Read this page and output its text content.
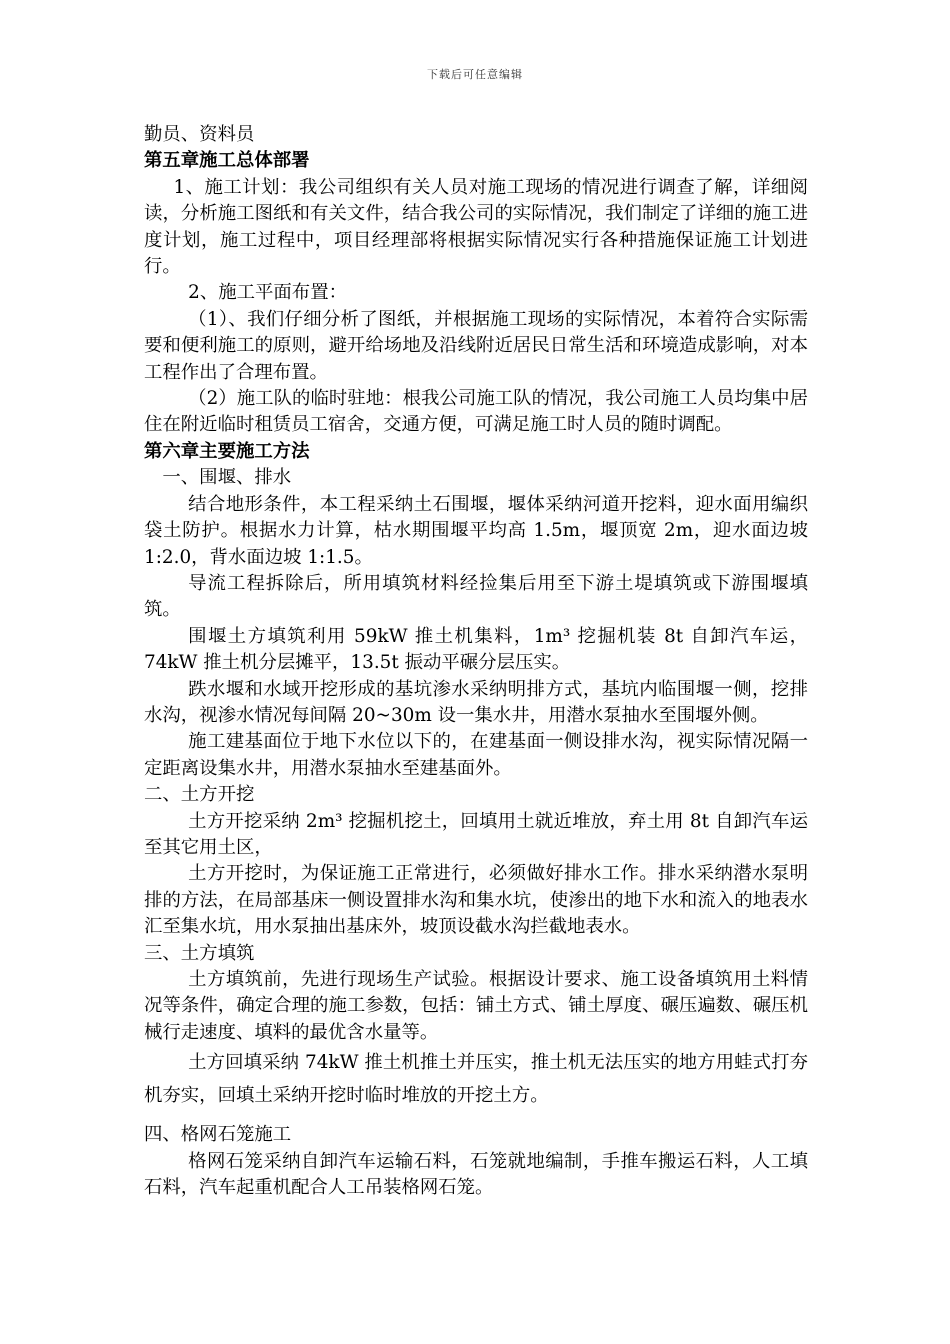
下载后可任意编辑

勤员、资料员

第五章施工总体部署

1、施工计划：我公司组织有关人员对施工现场的情况进行调查了解，详细阅读，分析施工图纸和有关文件，结合我公司的实际情况，我们制定了详细的施工进度计划，施工过程中，项目经理部将根据实际情况实行各种措施保证施工计划进行。

2、施工平面布置：

（1）、我们仔细分析了图纸，并根据施工现场的实际情况，本着符合实际需要和便利施工的原则，避开给场地及沿线附近居民日常生活和环境造成影响，对本工程作出了合理布置。

（2）施工队的临时驻地：根我公司施工队的情况，我公司施工人员均集中居住在附近临时租赁员工宿舍，交通方便，可满足施工时人员的随时调配。

第六章主要施工方法

一、围堰、排水

结合地形条件，本工程采纳土石围堰，堰体采纳河道开挖料，迎水面用编织袋土防护。根据水力计算，枯水期围堰平均高 1.5m，堰顶宽 2m，迎水面边坡 1:2.0，背水面边坡 1:1.5。

导流工程拆除后，所用填筑材料经捡集后用至下游土堤填筑或下游围堰填筑。

围堰土方填筑利用 59kW 推土机集料，1m³ 挖掘机装 8t 自卸汽车运，74kW 推土机分层摊平，13.5t 振动平碾分层压实。

跌水堰和水域开挖形成的基坑渗水采纳明排方式，基坑内临围堰一侧，挖排水沟，视渗水情况每间隔 20~30m 设一集水井，用潜水泵抽水至围堰外侧。

施工建基面位于地下水位以下的，在建基面一侧设排水沟，视实际情况隔一定距离设集水井，用潜水泵抽水至建基面外。

二、土方开挖

土方开挖采纳 2m³ 挖掘机挖土，回填用土就近堆放，弃土用 8t 自卸汽车运至其它用土区，

土方开挖时，为保证施工正常进行，必须做好排水工作。排水采纳潜水泵明排的方法，在局部基床一侧设置排水沟和集水坑，使渗出的地下水和流入的地表水汇至集水坑，用水泵抽出基床外，坡顶设截水沟拦截地表水。

三、土方填筑

土方填筑前，先进行现场生产试验。根据设计要求、施工设备填筑用土料情况等条件，确定合理的施工参数，包括：铺土方式、铺土厚度、碾压遍数、碾压机械行走速度、填料的最优含水量等。

土方回填采纳 74kW 推土机推土并压实，推土机无法压实的地方用蛙式打夯机夯实，回填土采纳开挖时临时堆放的开挖土方。

四、格网石笼施工

格网石笼采纳自卸汽车运输石料，石笼就地编制，手推车搬运石料，人工填石料，汽车起重机配合人工吊装格网石笼。
